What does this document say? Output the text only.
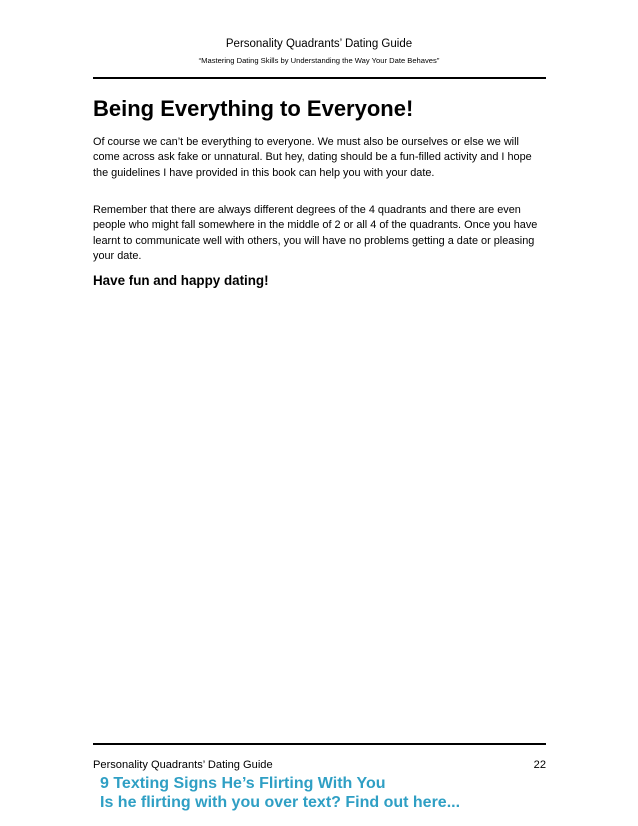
Personality Quadrants’ Dating Guide
“Mastering Dating Skills by Understanding the Way Your Date Behaves”
Being Everything to Everyone!

Of course we can’t be everything to everyone. We must also be ourselves or else we will come across ask fake or unnatural. But hey, dating should be a fun-filled activity and I hope the guidelines I have provided in this book can help you with your date.

Remember that there are always different degrees of the 4 quadrants and there are even people who might fall somewhere in the middle of 2 or all 4 of the quadrants. Once you have learnt to communicate well with others, you will have no problems getting a date or pleasing your date.

Have fun and happy dating!

Personality Quadrants’ Dating Guide	22
9 Texting Signs He’s Flirting With You
Is he flirting with you over text? Find out here...
